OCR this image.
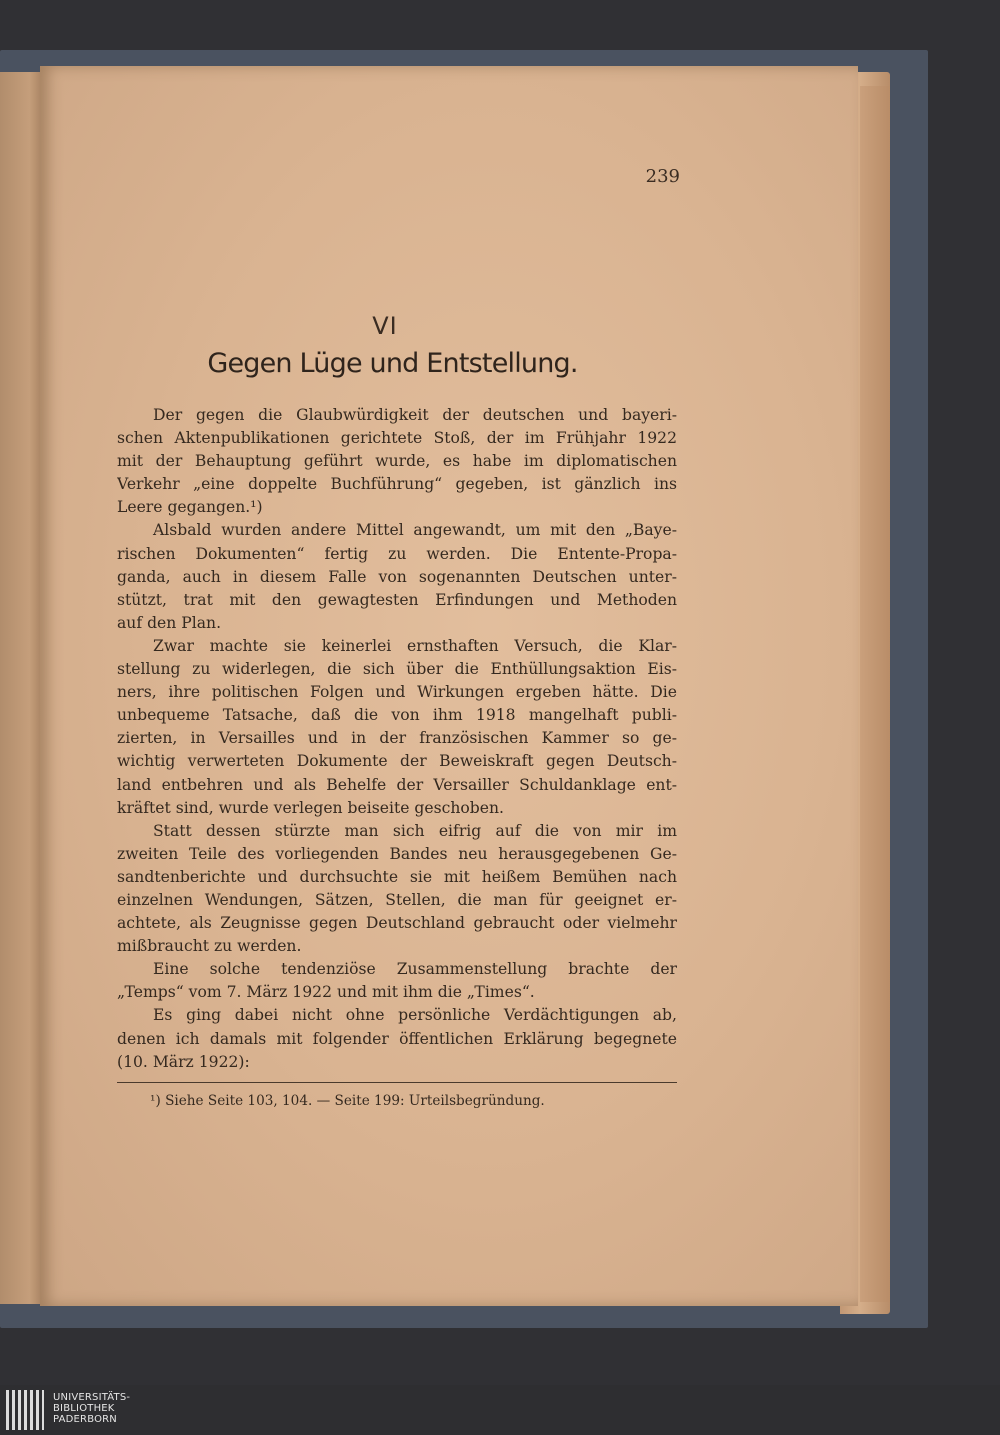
239
VI
Gegen Lüge und Entstellung.
Der gegen die Glaubwürdigkeit der deutschen und bayeri-
schen Aktenpublikationen gerichtete Stoß, der im Frühjahr 1922
mit der Behauptung geführt wurde, es habe im diplomatischen
Verkehr „eine doppelte Buchführung“ gegeben, ist gänzlich ins
Leere gegangen.¹)
Alsbald wurden andere Mittel angewandt, um mit den „Baye-
rischen Dokumenten“ fertig zu werden. Die Entente-Propa-
ganda, auch in diesem Falle von sogenannten Deutschen unter-
stützt, trat mit den gewagtesten Erfindungen und Methoden
auf den Plan.
Zwar machte sie keinerlei ernsthaften Versuch, die Klar-
stellung zu widerlegen, die sich über die Enthüllungsaktion Eis-
ners, ihre politischen Folgen und Wirkungen ergeben hätte. Die
unbequeme Tatsache, daß die von ihm 1918 mangelhaft publi-
zierten, in Versailles und in der französischen Kammer so ge-
wichtig verwerteten Dokumente der Beweiskraft gegen Deutsch-
land entbehren und als Behelfe der Versailler Schuldanklage ent-
kräftet sind, wurde verlegen beiseite geschoben.
Statt dessen stürzte man sich eifrig auf die von mir im
zweiten Teile des vorliegenden Bandes neu herausgegebenen Ge-
sandtenberichte und durchsuchte sie mit heißem Bemühen nach
einzelnen Wendungen, Sätzen, Stellen, die man für geeignet er-
achtete, als Zeugnisse gegen Deutschland gebraucht oder vielmehr
mißbraucht zu werden.
Eine solche tendenziöse Zusammenstellung brachte der
„Temps“ vom 7. März 1922 und mit ihm die „Times“.
Es ging dabei nicht ohne persönliche Verdächtigungen ab,
denen ich damals mit folgender öffentlichen Erklärung begegnete
(10. März 1922):
¹) Siehe Seite 103, 104. — Seite 199: Urteilsbegründung.
UNIVERSITÄTS-
BIBLIOTHEK
PADERBORN
